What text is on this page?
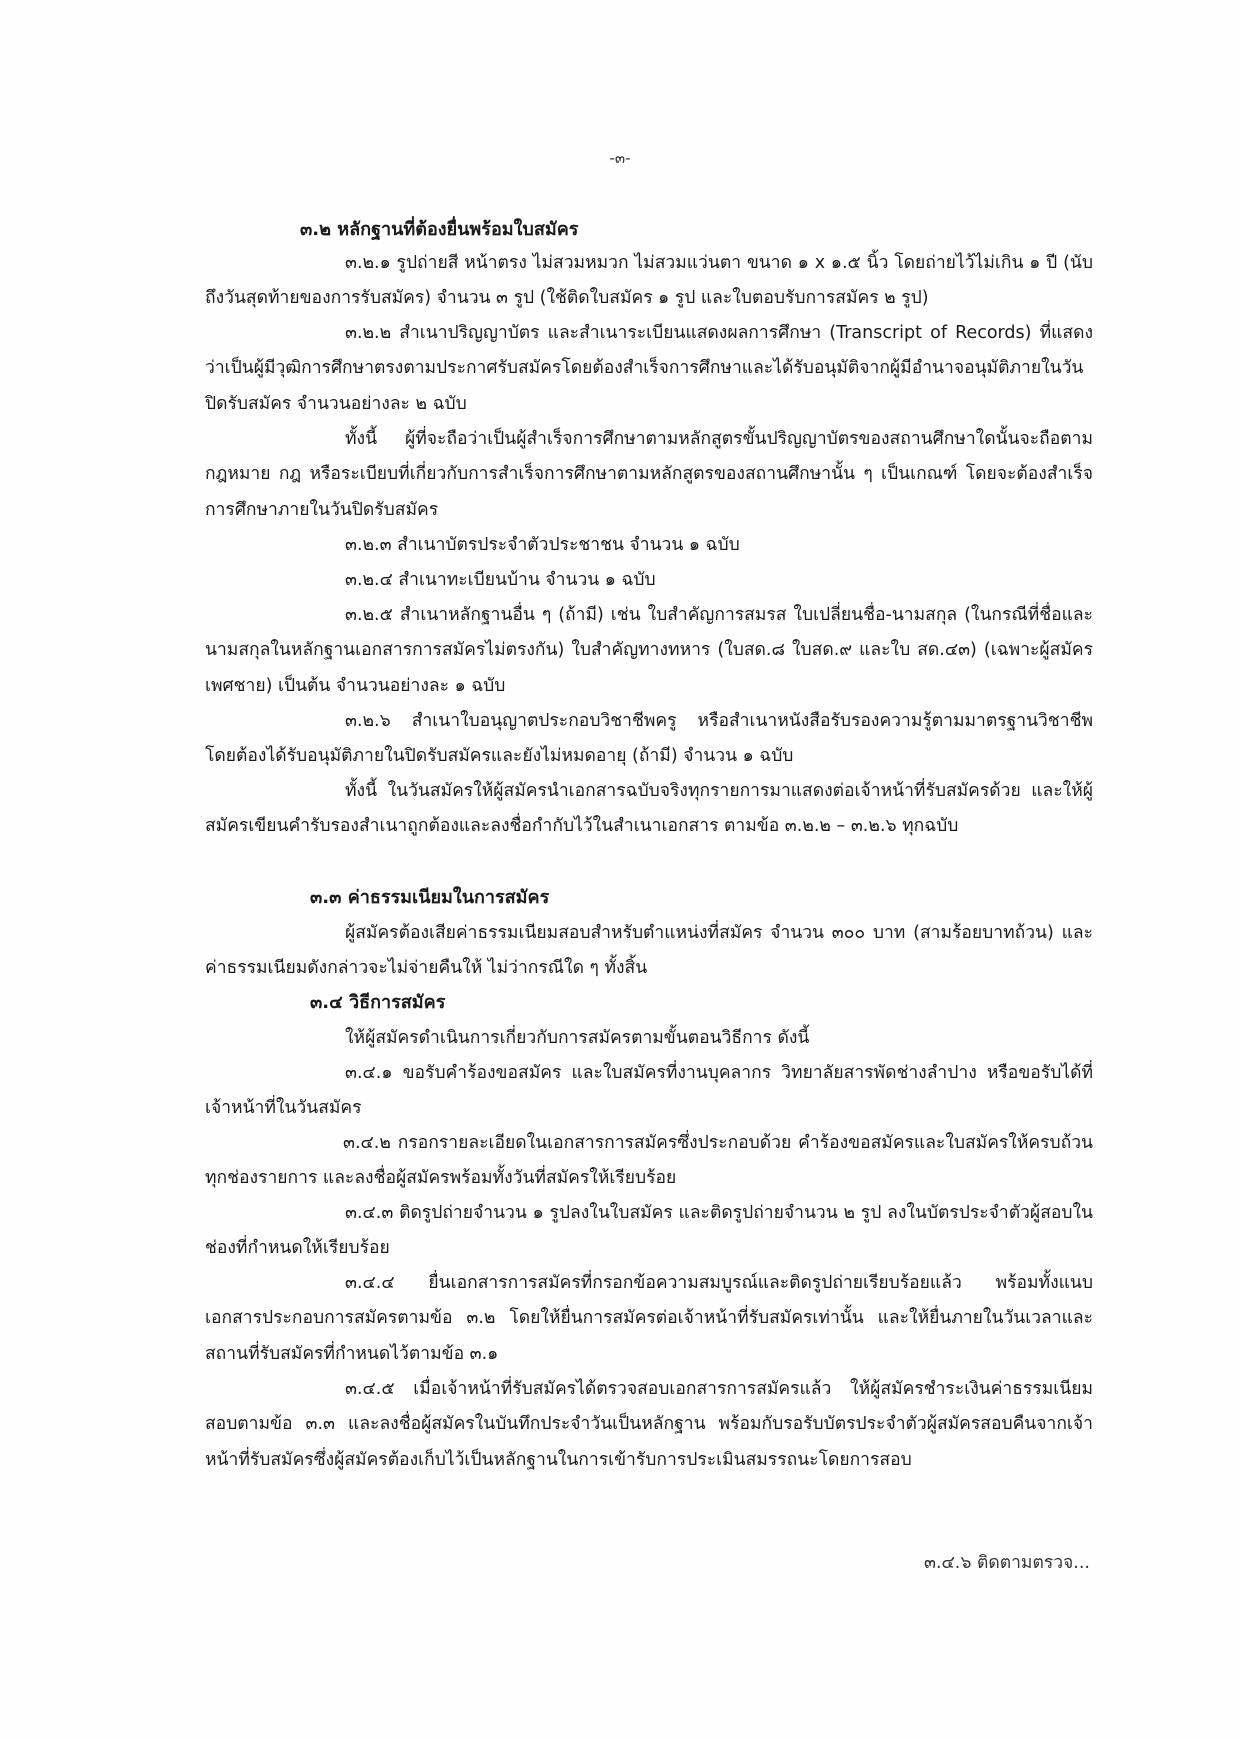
-๓-
๓.๒ หลักฐานที่ต้องยื่นพร้อมใบสมัคร

๓.๒.๑ รูปถ่ายสี หน้าตรง ไม่สวมหมวก ไม่สวมแว่นตา ขนาด ๑ x ๑.๕ นิ้ว โดยถ่ายไว้ไม่เกิน ๑ ปี (นับถึงวันสุดท้ายของการรับสมัคร) จำนวน ๓ รูป (ใช้ติดใบสมัคร ๑ รูป และใบตอบรับการสมัคร ๒ รูป)

๓.๒.๒ สำเนาปริญญาบัตร และสำเนาระเบียนแสดงผลการศึกษา (Transcript of Records) ที่แสดงว่าเป็นผู้มีวุฒิการศึกษาตรงตามประกาศรับสมัครโดยต้องสำเร็จการศึกษาและได้รับอนุมัติจากผู้มีอำนาจอนุมัติภายในวันปิดรับสมัคร จำนวนอย่างละ ๒ ฉบับ

ทั้งนี้ ผู้ที่จะถือว่าเป็นผู้สำเร็จการศึกษาตามหลักสูตรขั้นปริญญาบัตรของสถานศึกษาใดนั้นจะถือตามกฎหมาย กฎ หรือระเบียบที่เกี่ยวกับการสำเร็จการศึกษาตามหลักสูตรของสถานศึกษานั้น ๆ เป็นเกณฑ์ โดยจะต้องสำเร็จการศึกษาภายในวันปิดรับสมัคร

๓.๒.๓ สำเนาบัตรประจำตัวประชาชน จำนวน ๑ ฉบับ

๓.๒.๔ สำเนาทะเบียนบ้าน จำนวน ๑ ฉบับ

๓.๒.๕ สำเนาหลักฐานอื่น ๆ (ถ้ามี) เช่น ใบสำคัญการสมรส ใบเปลี่ยนชื่อ-นามสกุล (ในกรณีที่ชื่อและนามสกุลในหลักฐานเอกสารการสมัครไม่ตรงกัน) ใบสำคัญทางทหาร (ใบสด.๘ ใบสด.๙ และใบ สด.๔๓) (เฉพาะผู้สมัครเพศชาย) เป็นต้น จำนวนอย่างละ ๑ ฉบับ

๓.๒.๖ สำเนาใบอนุญาตประกอบวิชาชีพครู หรือสำเนาหนังสือรับรองความรู้ตามมาตรฐานวิชาชีพ โดยต้องได้รับอนุมัติภายในปิดรับสมัครและยังไม่หมดอายุ (ถ้ามี) จำนวน ๑ ฉบับ

ทั้งนี้ ในวันสมัครให้ผู้สมัครนำเอกสารฉบับจริงทุกรายการมาแสดงต่อเจ้าหน้าที่รับสมัครด้วย และให้ผู้สมัครเขียนคำรับรองสำเนาถูกต้องและลงชื่อกำกับไว้ในสำเนาเอกสาร ตามข้อ ๓.๒.๒ – ๓.๒.๖ ทุกฉบับ

๓.๓ ค่าธรรมเนียมในการสมัคร

ผู้สมัครต้องเสียค่าธรรมเนียมสอบสำหรับตำแหน่งที่สมัคร จำนวน ๓๐๐ บาท (สามร้อยบาทถ้วน) และค่าธรรมเนียมดังกล่าวจะไม่จ่ายคืนให้ ไม่ว่ากรณีใด ๆ ทั้งสิ้น

๓.๔ วิธีการสมัคร

ให้ผู้สมัครดำเนินการเกี่ยวกับการสมัครตามขั้นตอนวิธีการ ดังนี้

๓.๔.๑ ขอรับคำร้องขอสมัคร และใบสมัครที่งานบุคลากร วิทยาลัยสารพัดช่างลำปาง หรือขอรับได้ที่เจ้าหน้าที่ในวันสมัคร

๓.๔.๒ กรอกรายละเอียดในเอกสารการสมัครซึ่งประกอบด้วย คำร้องขอสมัครและใบสมัครให้ครบถ้วนทุกช่องรายการ และลงชื่อผู้สมัครพร้อมทั้งวันที่สมัครให้เรียบร้อย

๓.๔.๓ ติดรูปถ่ายจำนวน ๑ รูปลงในใบสมัคร และติดรูปถ่ายจำนวน ๒ รูป ลงในบัตรประจำตัวผู้สอบในช่องที่กำหนดให้เรียบร้อย

๓.๔.๔ ยื่นเอกสารการสมัครที่กรอกข้อความสมบูรณ์และติดรูปถ่ายเรียบร้อยแล้ว พร้อมทั้งแนบเอกสารประกอบการสมัครตามข้อ ๓.๒ โดยให้ยื่นการสมัครต่อเจ้าหน้าที่รับสมัครเท่านั้น และให้ยื่นภายในวันเวลาและสถานที่รับสมัครที่กำหนดไว้ตามข้อ ๓.๑

๓.๔.๕ เมื่อเจ้าหน้าที่รับสมัครได้ตรวจสอบเอกสารการสมัครแล้ว ให้ผู้สมัครชำระเงินค่าธรรมเนียมสอบตามข้อ ๓.๓ และลงชื่อผู้สมัครในบันทึกประจำวันเป็นหลักฐาน พร้อมกับรอรับบัตรประจำตัวผู้สมัครสอบคืนจากเจ้าหน้าที่รับสมัครซึ่งผู้สมัครต้องเก็บไว้เป็นหลักฐานในการเข้ารับการประเมินสมรรถนะโดยการสอบ

๓.๔.๖ ติดตามตรวจ...
